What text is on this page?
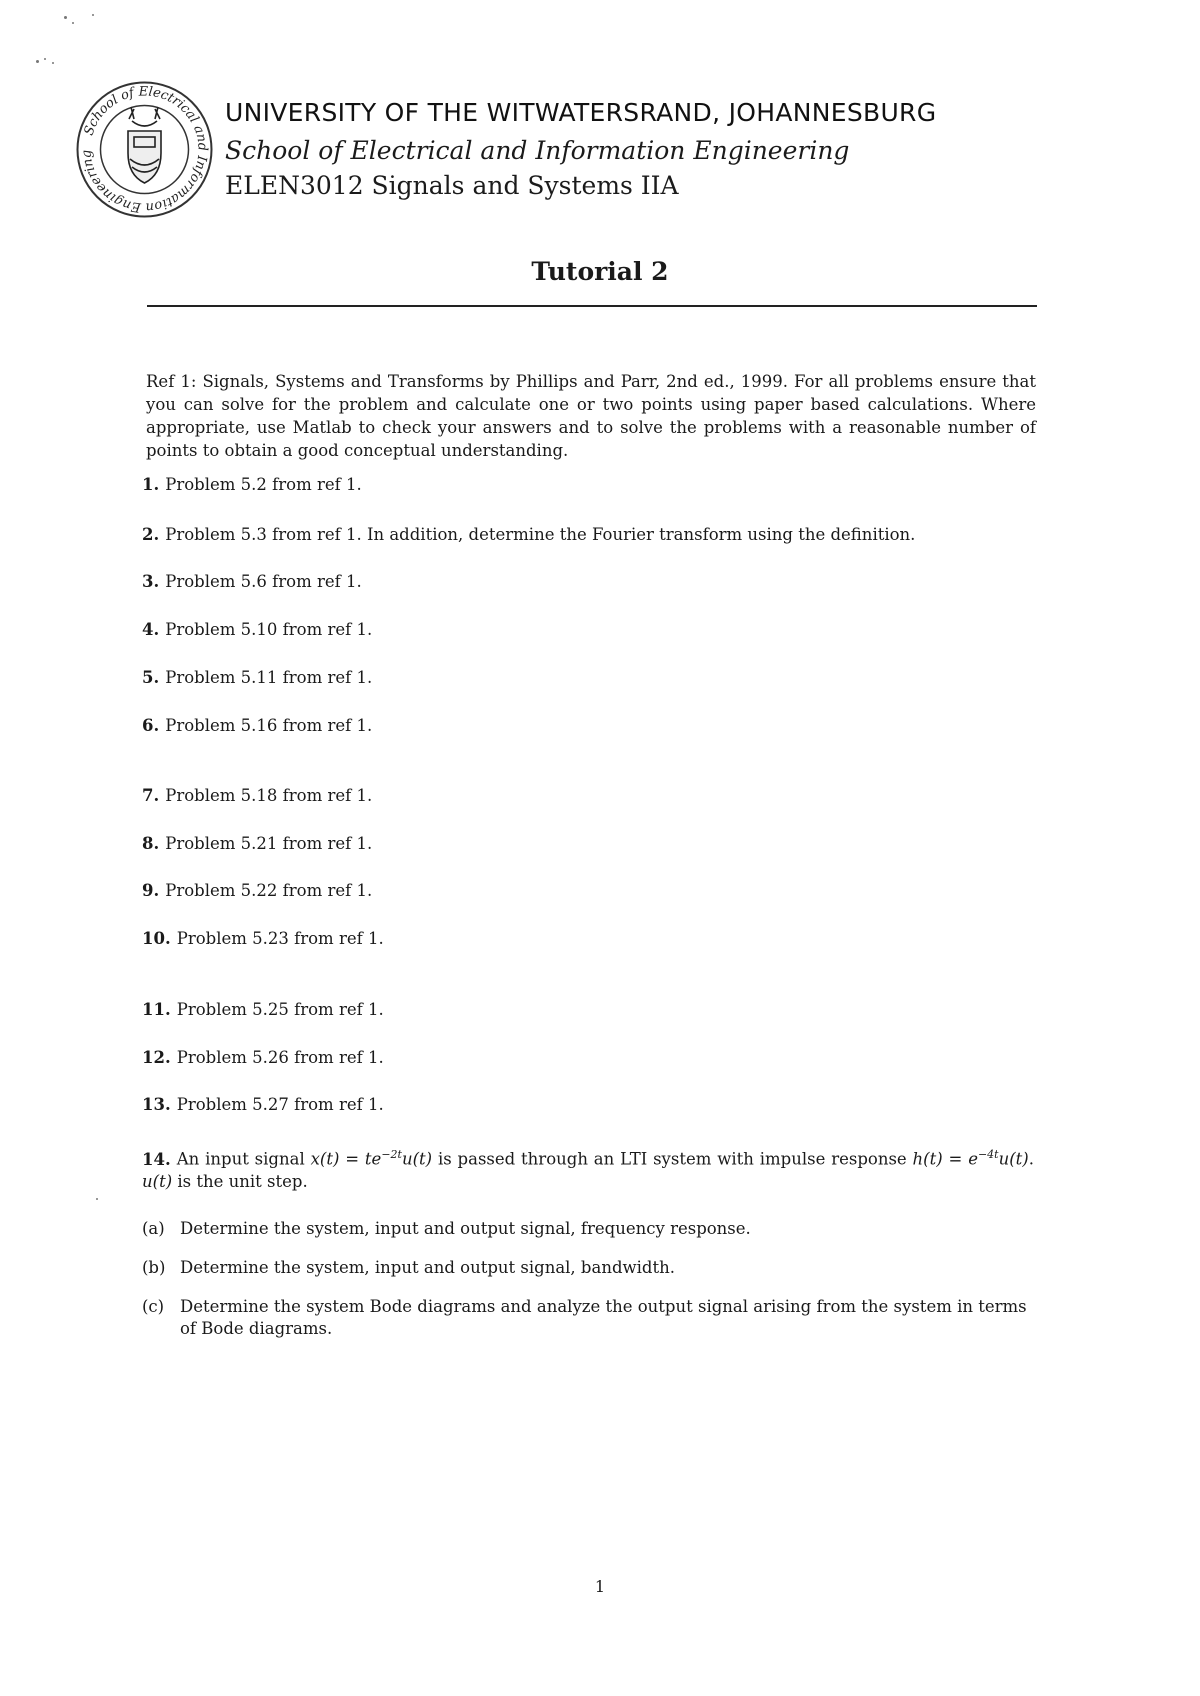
School of Electrical and Information Engineering
UNIVERSITY OF THE WITWATERSRAND, JOHANNESBURG
School of Electrical and Information Engineering
ELEN3012 Signals and Systems IIA
Tutorial 2
Ref 1: Signals, Systems and Transforms by Phillips and Parr, 2nd ed., 1999. For all problems ensure that you can solve for the problem and calculate one or two points using paper based calculations. Where appropriate, use Matlab to check your answers and to solve the problems with a reasonable number of points to obtain a good conceptual understanding.
1. Problem 5.2 from ref 1.
2. Problem 5.3 from ref 1. In addition, determine the Fourier transform using the definition.
3. Problem 5.6 from ref 1.
4. Problem 5.10 from ref 1.
5. Problem 5.11 from ref 1.
6. Problem 5.16 from ref 1.
7. Problem 5.18 from ref 1.
8. Problem 5.21 from ref 1.
9. Problem 5.22 from ref 1.
10. Problem 5.23 from ref 1.
11. Problem 5.25 from ref 1.
12. Problem 5.26 from ref 1.
13. Problem 5.27 from ref 1.
14. An input signal $x(t) = te^{-2t}u(t)$ is passed through an LTI system with impulse response $h(t) = e^{-4t}u(t)$. u(t) is the unit step.
(a) Determine the system, input and output signal, frequency response.
(b) Determine the system, input and output signal, bandwidth.
(c) Determine the system Bode diagrams and analyze the output signal arising from the system in terms of Bode diagrams.
1
